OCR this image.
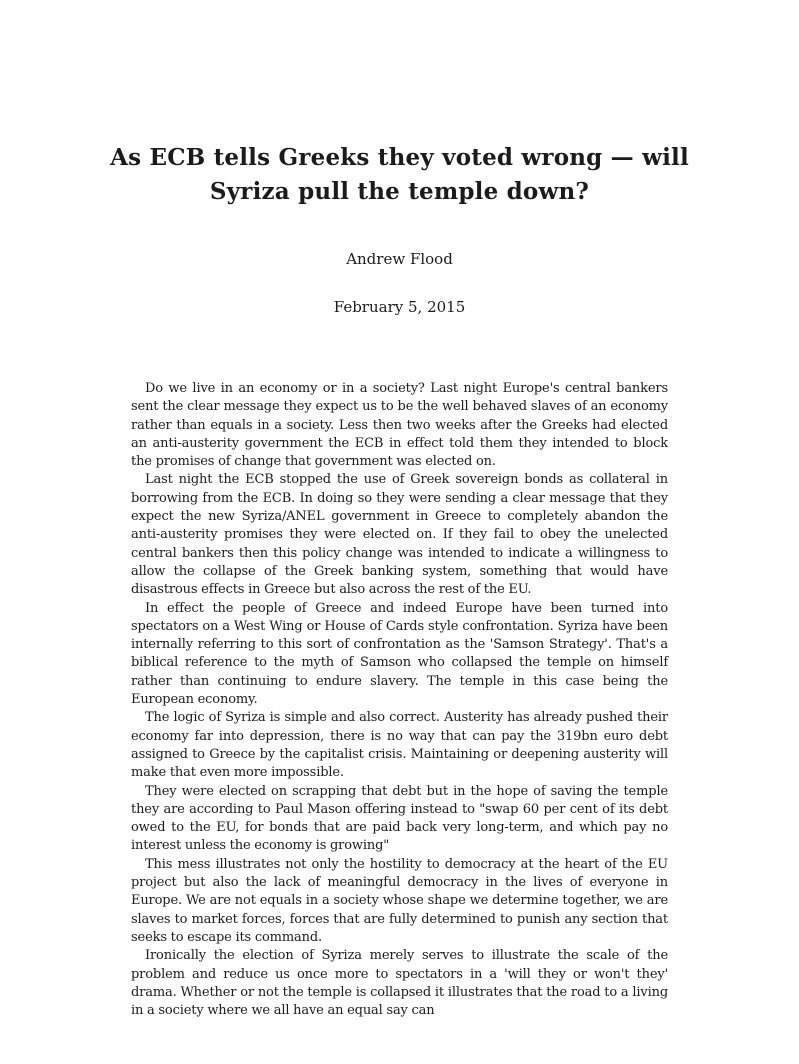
As ECB tells Greeks they voted wrong — will
Syriza pull the temple down?
Andrew Flood
February 5, 2015

Do we live in an economy or in a society? Last night Europe's central bankers sent the clear message they expect us to be the well behaved slaves of an economy rather than equals in a society. Less then two weeks after the Greeks had elected an anti-austerity government the ECB in effect told them they intended to block the promises of change that government was elected on.

Last night the ECB stopped the use of Greek sovereign bonds as collateral in borrowing from the ECB. In doing so they were sending a clear message that they expect the new Syriza/ANEL government in Greece to completely abandon the anti-austerity promises they were elected on. If they fail to obey the unelected central bankers then this policy change was intended to indicate a willingness to allow the collapse of the Greek banking system, something that would have disastrous effects in Greece but also across the rest of the EU.

In effect the people of Greece and indeed Europe have been turned into spectators on a West Wing or House of Cards style confrontation. Syriza have been internally referring to this sort of confrontation as the 'Samson Strategy'. That's a biblical reference to the myth of Samson who collapsed the temple on himself rather than continuing to endure slavery. The temple in this case being the European economy.

The logic of Syriza is simple and also correct. Austerity has already pushed their economy far into depression, there is no way that can pay the 319bn euro debt assigned to Greece by the capitalist crisis. Maintaining or deepening austerity will make that even more impossible.

They were elected on scrapping that debt but in the hope of saving the temple they are according to Paul Mason offering instead to "swap 60 per cent of its debt owed to the EU, for bonds that are paid back very long-term, and which pay no interest unless the economy is growing"

This mess illustrates not only the hostility to democracy at the heart of the EU project but also the lack of meaningful democracy in the lives of everyone in Europe. We are not equals in a society whose shape we determine together, we are slaves to market forces, forces that are fully determined to punish any section that seeks to escape its command.

Ironically the election of Syriza merely serves to illustrate the scale of the problem and reduce us once more to spectators in a 'will they or won't they' drama. Whether or not the temple is collapsed it illustrates that the road to a living in a society where we all have an equal say can
